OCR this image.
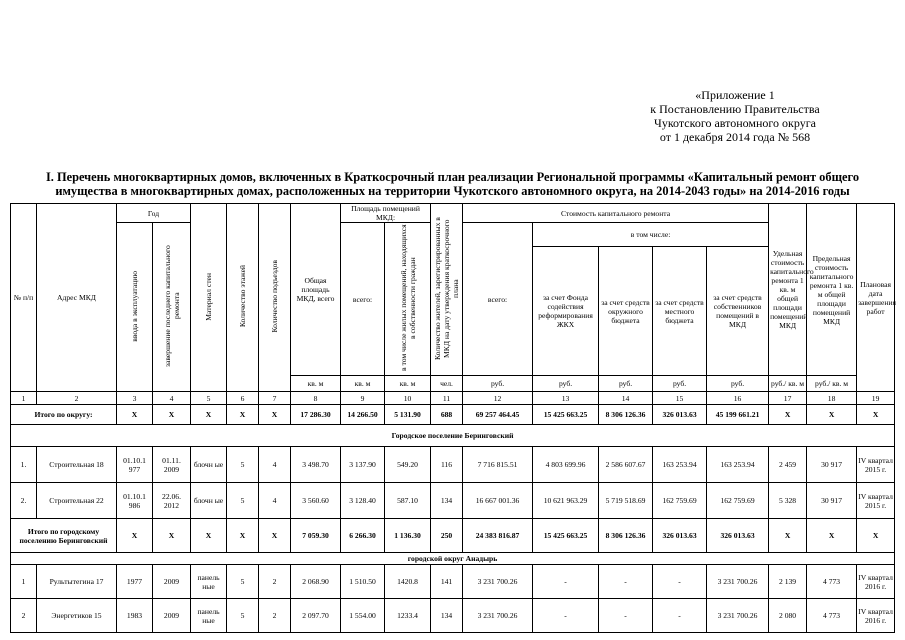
«Приложение 1
к Постановлению Правительства
Чукотского автономного округа
от 1 декабря 2014 года № 568
I. Перечень многоквартирных домов, включенных в Краткосрочный план реализации Региональной программы «Капитальный ремонт общего
имущества в многоквартирных домах, расположенных на территории Чукотского автономного округа, на 2014-2043 годы» на 2014-2016 годы
№ п/п	Адрес МКД	Год		Материал стен	Количество этажей	Количество подъездов	Общая площадь МКД, всего	Площадь помещений МКД:		Количество жителей, зарегистрированных в МКД на дату утверждения краткосрочного плана	Стоимость капитального ремонта					Удельная стоимость капитального ремонта 1 кв. м общей площади помещений МКД	Предельная стоимость капитального ремонта 1 кв. м общей площади помещений МКД	Плановая дата завершения работ
		ввода в эксплуатацию	завершение последнего капитального ремонта					всего:	в том числе жилых помещений, находящихся в собственности граждан		всего:	в том числе:						
												за счет Фонда содействия реформирования ЖКХ	за счет средств окружного бюджета	за счет средств местного бюджета	за счет средств собственников помещений в МКД			
							кв. м	кв. м	кв. м	чел.	руб.	руб.	руб.	руб.	руб.	руб./ кв. м	руб./ кв. м	
1	2	3	4	5	6	7	8	9	10	11	12	13	14	15	16	17	18	19
Итого по округу:		X	X	X	X	X	17 286.30	14 266.50	5 131.90	688	69 257 464.45	15 425 663.25	8 306 126.36	326 013.63	45 199 661.21	X	X	X
Городское поселение Беринговский																		
1.	Строительная 18	01.10.1 977	01.11. 2009	блочн ые	5	4	3 498.70	3 137.90	549.20	116	7 716 815.51	4 803 699.96	2 586 607.67	163 253.94	163 253.94	2 459	30 917	IV квартал 2015 г.
2.	Строительная 22	01.10.1 986	22.06. 2012	блочн ые	5	4	3 560.60	3 128.40	587.10	134	16 667 001.36	10 621 963.29	5 719 518.69	162 759.69	162 759.69	5 328	30 917	IV квартал 2015 г.
Итого по городскому поселению Беринговский		X	X	X	X	X	7 059.30	6 266.30	1 136.30	250	24 383 816.87	15 425 663.25	8 306 126.36	326 013.63	326 013.63	X	X	X
городской округ Анадырь																		
1	Рультытегина 17	1977	2009	панель ные	5	2	2 068.90	1 510.50	1420.8	141	3 231 700.26	-	-	-	3 231 700.26	2 139	4 773	IV квартал 2016 г.
2	Энергетиков 15	1983	2009	панель ные	5	2	2 097.70	1 554.00	1233.4	134	3 231 700.26	-	-	-	3 231 700.26	2 080	4 773	IV квартал 2016 г.
